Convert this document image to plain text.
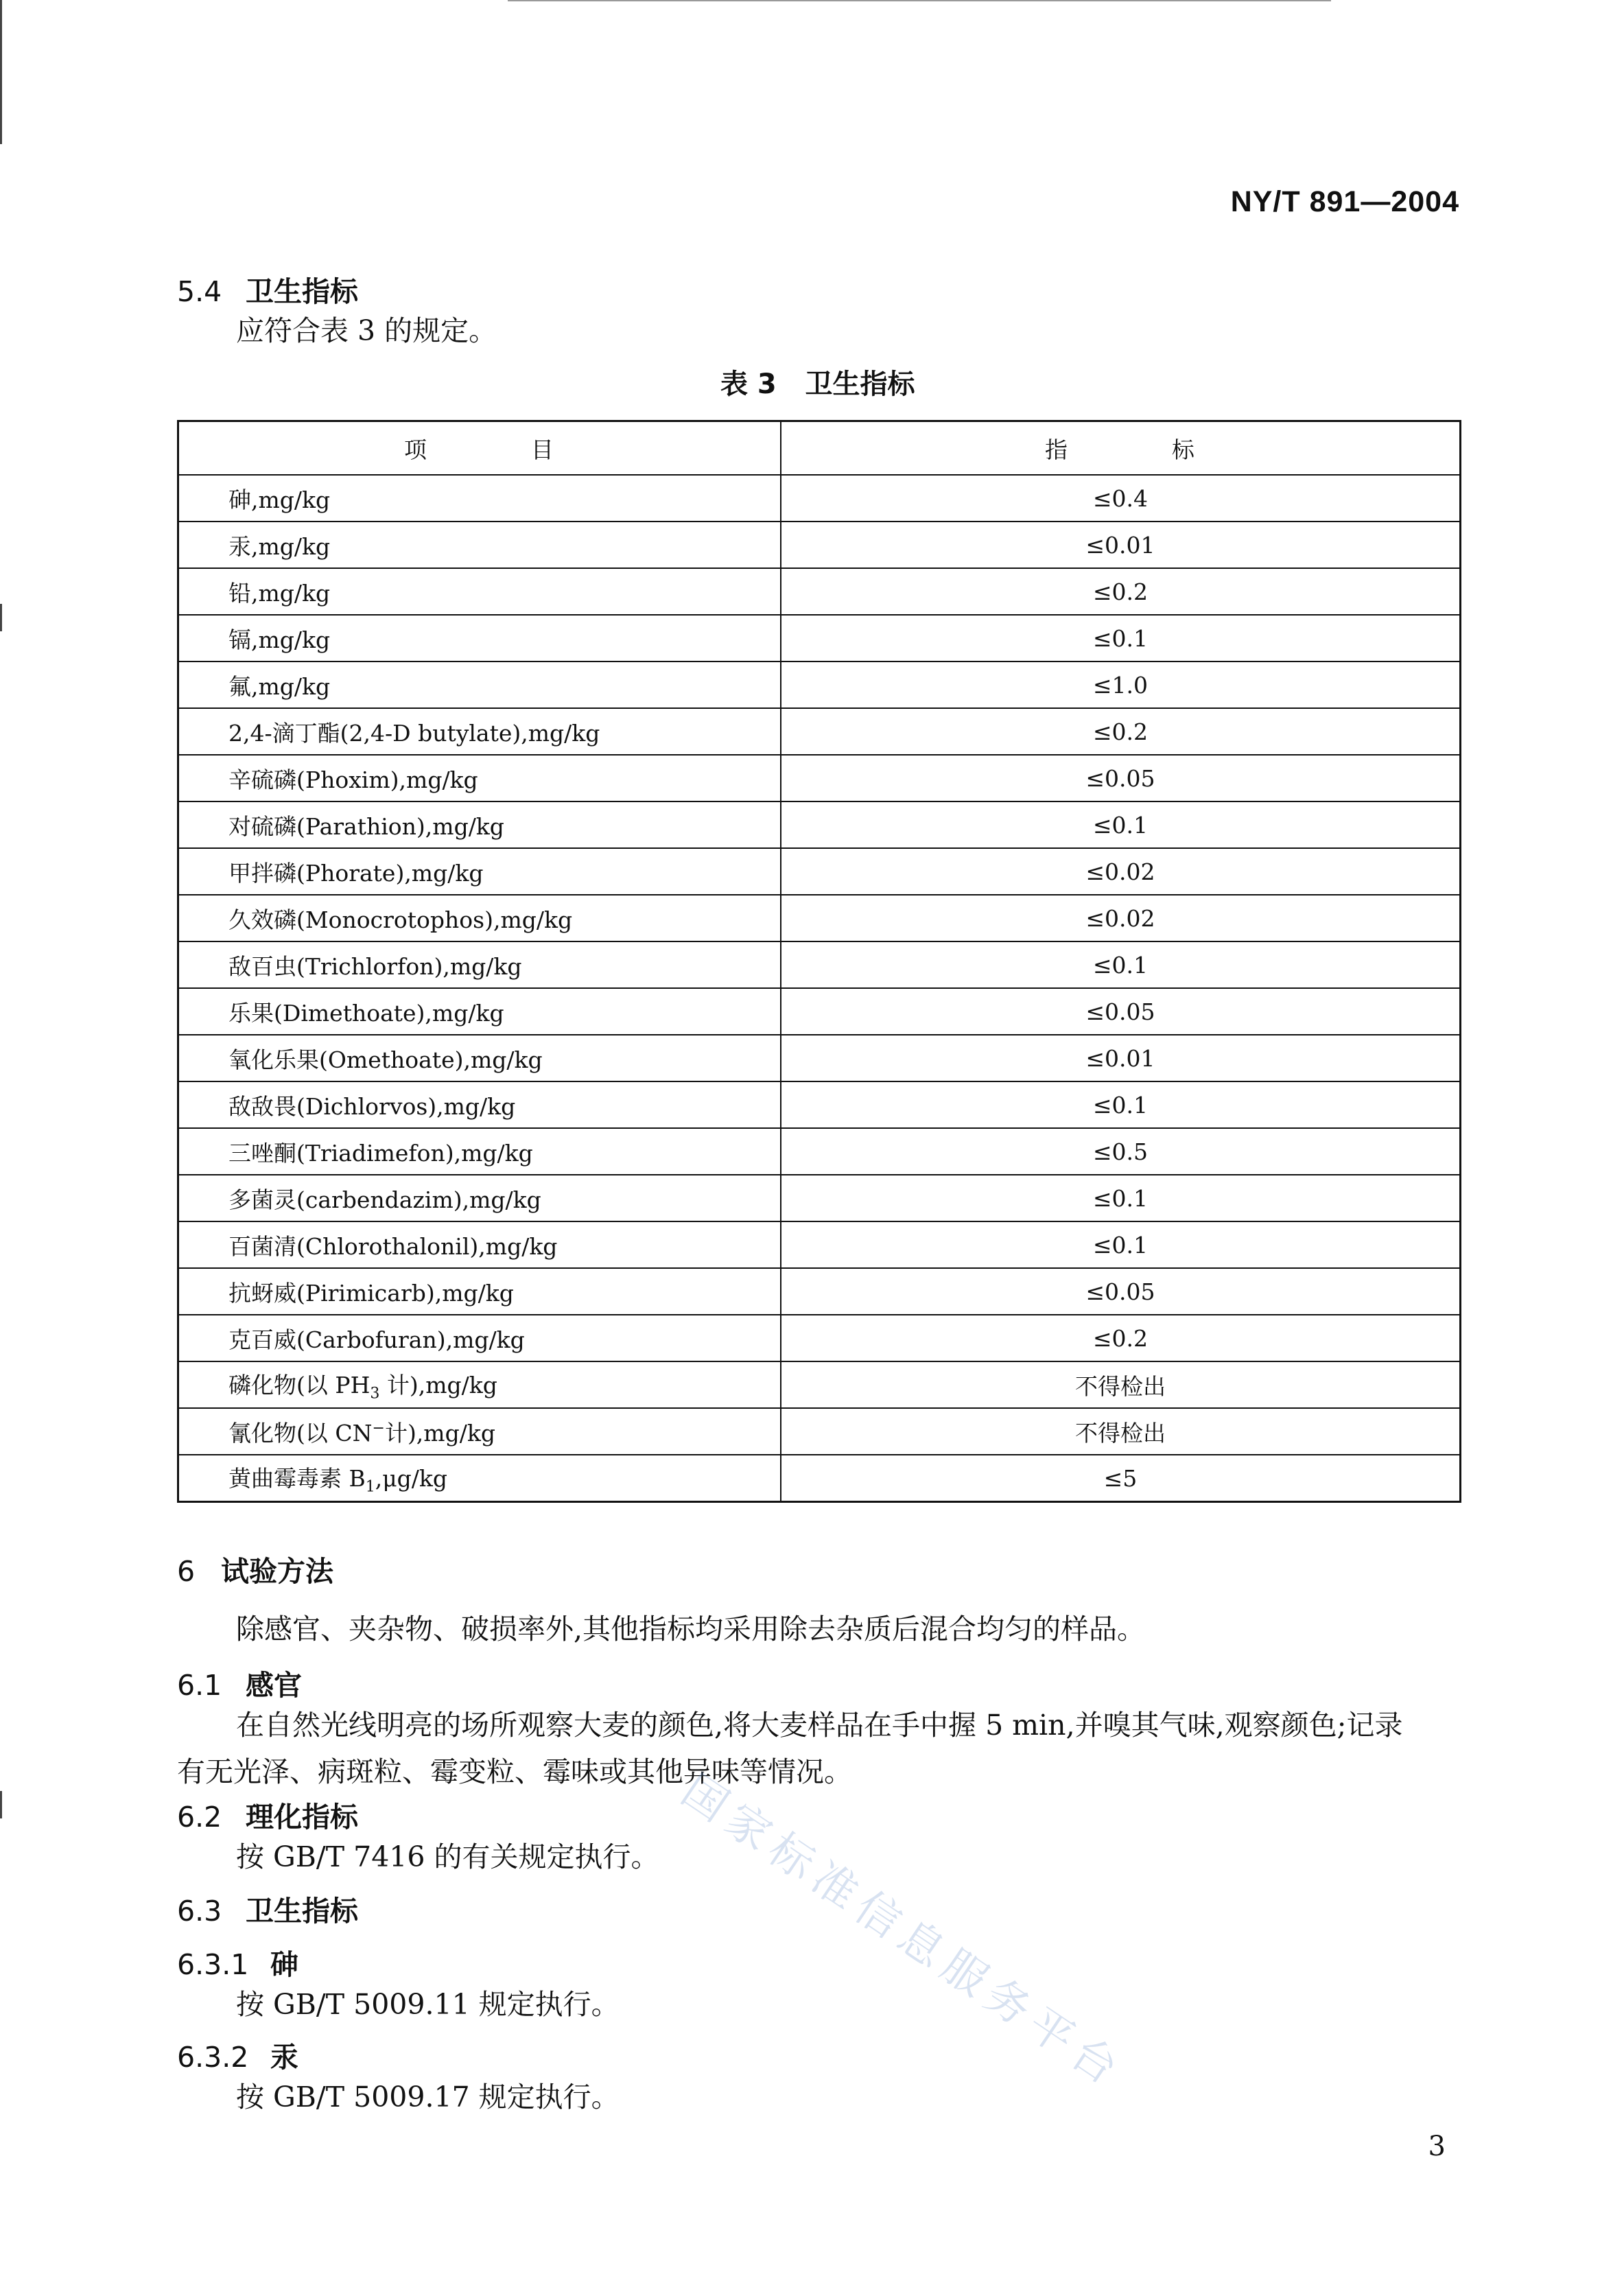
NY/T 891—2004
5.4 卫生指标
应符合表 3 的规定。
表 3   卫生指标
项            目	指            标
砷,mg/kg	≤0.4
汞,mg/kg	≤0.01
铅,mg/kg	≤0.2
镉,mg/kg	≤0.1
氟,mg/kg	≤1.0
2,4-滴丁酯(2,4-D butylate),mg/kg	≤0.2
辛硫磷(Phoxim),mg/kg	≤0.05
对硫磷(Parathion),mg/kg	≤0.1
甲拌磷(Phorate),mg/kg	≤0.02
久效磷(Monocrotophos),mg/kg	≤0.02
敌百虫(Trichlorfon),mg/kg	≤0.1
乐果(Dimethoate),mg/kg	≤0.05
氧化乐果(Omethoate),mg/kg	≤0.01
敌敌畏(Dichlorvos),mg/kg	≤0.1
三唑酮(Triadimefon),mg/kg	≤0.5
多菌灵(carbendazim),mg/kg	≤0.1
百菌清(Chlorothalonil),mg/kg	≤0.1
抗蚜威(Pirimicarb),mg/kg	≤0.05
克百威(Carbofuran),mg/kg	≤0.2
磷化物(以 $PH_3$ 计),mg/kg	不得检出
氰化物(以 CN−计),mg/kg	不得检出
黄曲霉毒素 $B_1,\mu g/kg$	≤5
6 试验方法
除感官、夹杂物、破损率外,其他指标均采用除去杂质后混合均匀的样品。
6.1 感官
在自然光线明亮的场所观察大麦的颜色,将大麦样品在手中握 5 min,并嗅其气味,观察颜色;记录
有无光泽、病斑粒、霉变粒、霉味或其他异味等情况。
6.2 理化指标
按 GB/T 7416 的有关规定执行。
6.3 卫生指标
6.3.1 砷
按 GB/T 5009.11 规定执行。
6.3.2 汞
按 GB/T 5009.17 规定执行。 国家标准信息服务平台
3
